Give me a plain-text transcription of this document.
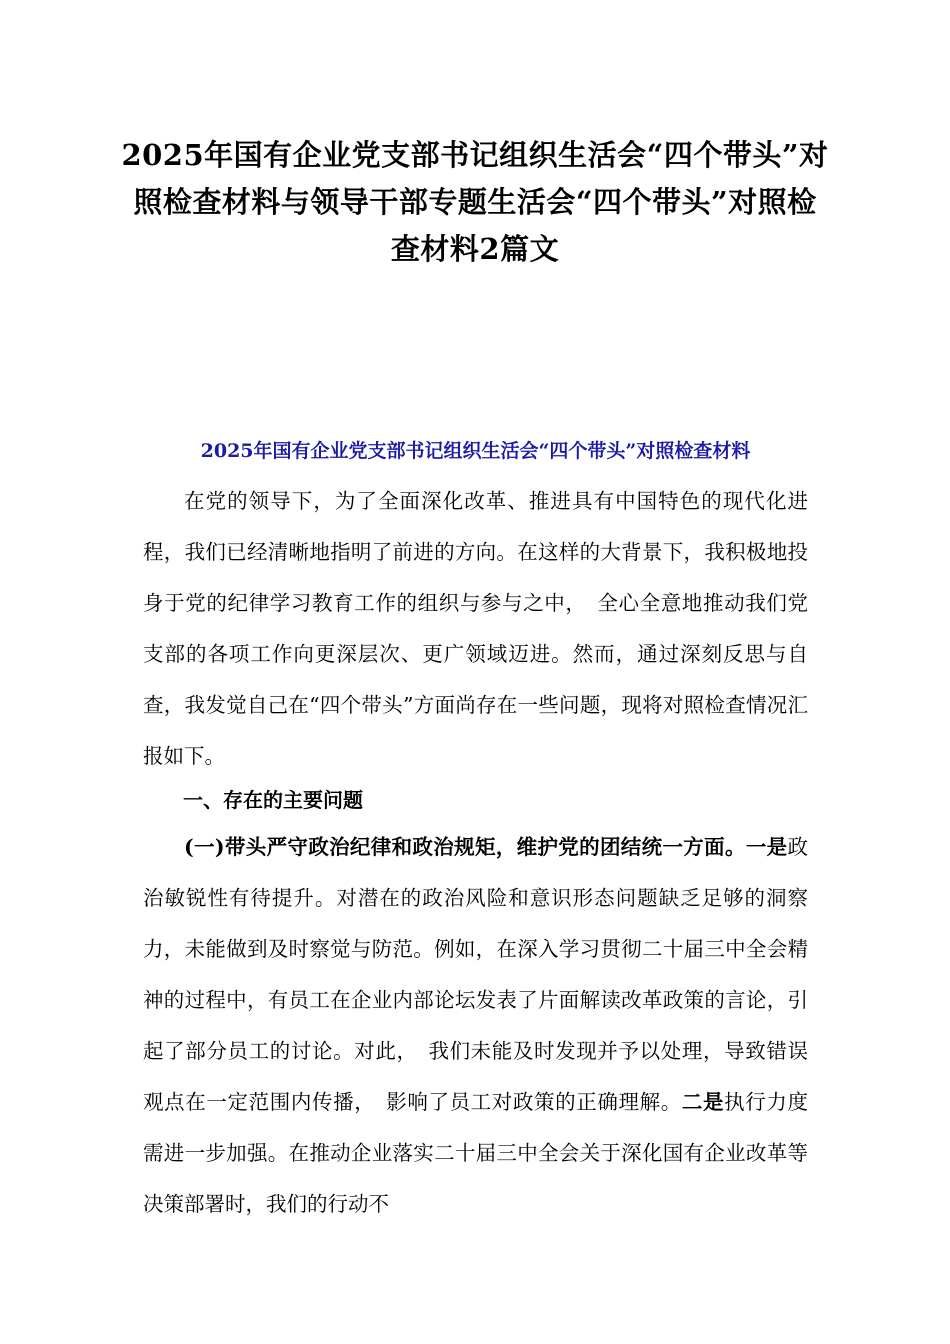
2025年国有企业党支部书记组织生活会“四个带头”对照检查材料与领导干部专题生活会“四个带头”对照检查材料2篇文
2025年国有企业党支部书记组织生活会“四个带头”对照检查材料

在党的领导下，为了全面深化改革、推进具有中国特色的现代化进程，我们已经清晰地指明了前进的方向。在这样的大背景下，我积极地投身于党的纪律学习教育工作的组织与参与之中，　全心全意地推动我们党支部的各项工作向更深层次、更广领域迈进。然而，通过深刻反思与自查，我发觉自己在“四个带头”方面尚存在一些问题，现将对照检查情况汇报如下。

一、存在的主要问题

(一)带头严守政治纪律和政治规矩，维护党的团结统一方面。一是政治敏锐性有待提升。对潜在的政治风险和意识形态问题缺乏足够的洞察力，未能做到及时察觉与防范。例如，在深入学习贯彻二十届三中全会精神的过程中，有员工在企业内部论坛发表了片面解读改革政策的言论，引起了部分员工的讨论。对此，　我们未能及时发现并予以处理，导致错误观点在一定范围内传播，　影响了员工对政策的正确理解。二是执行力度需进一步加强。在推动企业落实二十届三中全会关于深化国有企业改革等决策部署时，我们的行动不
